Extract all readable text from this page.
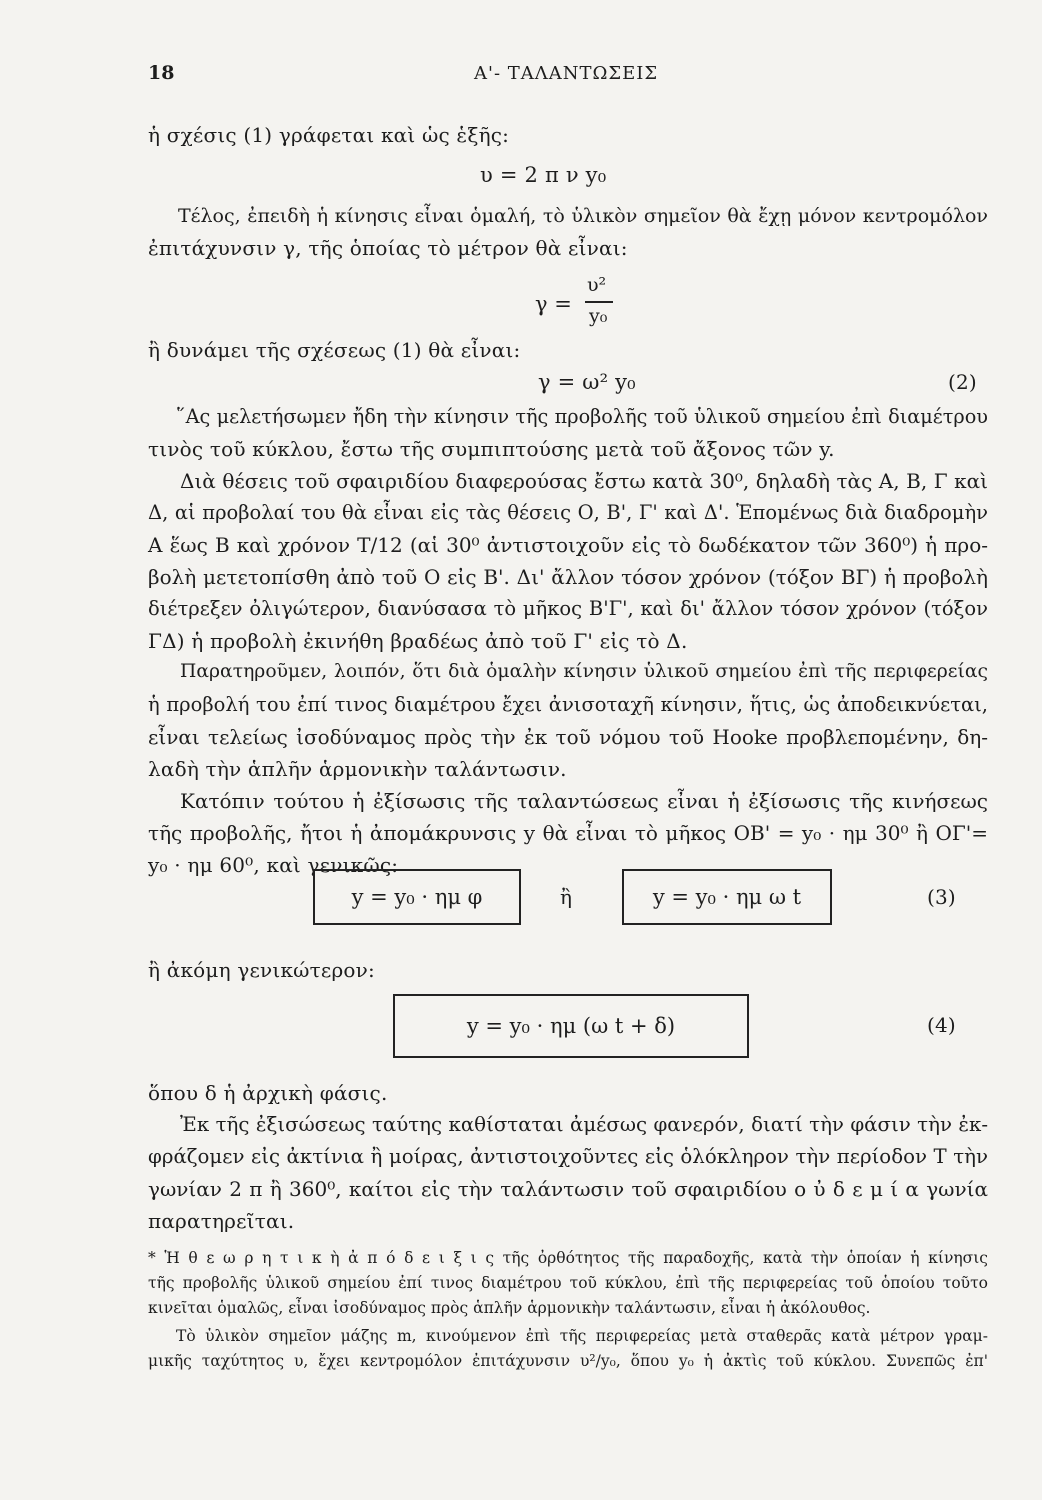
18	Α'- ΤΑΛΑΝΤΩΣΕΙΣ
ἡ σχέσις (1) γράφεται καὶ ὡς ἑξῆς:
υ = 2 π ν y₀
Τέλος, ἐπειδὴ ἡ κίνησις εἶναι ὁμαλή, τὸ ὑλικὸν σημεῖον θὰ ἔχῃ μόνον κεντρομόλον
ἐπιτάχυνσιν γ, τῆς ὁποίας τὸ μέτρον θὰ εἶναι:
γ =
υ²
y₀
ἢ δυνάμει τῆς σχέσεως (1) θὰ εἶναι:
γ = ω² y₀	(2)
῞Ας μελετήσωμεν ἤδη τὴν κίνησιν τῆς προβολῆς τοῦ ὑλικοῦ σημείου ἐπὶ διαμέτρου
τινὸς τοῦ κύκλου, ἔστω τῆς συμπιπτούσης μετὰ τοῦ ἄξονος τῶν y.
Διὰ θέσεις τοῦ σφαιριδίου διαφερούσας ἔστω κατὰ 30⁰, δηλαδὴ τὰς Α, Β, Γ καὶ
Δ, αἱ προβολαί του θὰ εἶναι εἰς τὰς θέσεις Ο, Β', Γ' καὶ Δ'. Ἑπομένως διὰ διαδρομὴν
Α ἕως Β καὶ χρόνον Τ/12 (αἱ 30⁰ ἀντιστοιχοῦν εἰς τὸ δωδέκατον τῶν 360⁰) ἡ προ-
βολὴ μετετοπίσθη ἀπὸ τοῦ Ο εἰς Β'. Δι' ἄλλον τόσον χρόνον (τόξον ΒΓ) ἡ προβολὴ
διέτρεξεν ὀλιγώτερον, διανύσασα τὸ μῆκος Β'Γ', καὶ δι' ἄλλον τόσον χρόνον (τόξον
ΓΔ) ἡ προβολὴ ἐκινήθη βραδέως ἀπὸ τοῦ Γ' εἰς τὸ Δ.
Παρατηροῦμεν, λοιπόν, ὅτι διὰ ὁμαλὴν κίνησιν ὑλικοῦ σημείου ἐπὶ τῆς περιφερείας
ἡ προβολή του ἐπί τινος διαμέτρου ἔχει ἀνισοταχῆ κίνησιν, ἥτις, ὡς ἀποδεικνύεται,
εἶναι τελείως ἰσοδύναμος πρὸς τὴν ἐκ τοῦ νόμου τοῦ Hooke προβλεπομένην, δη-
λαδὴ τὴν ἁπλῆν ἁρμονικὴν ταλάντωσιν.
Κατόπιν τούτου ἡ ἐξίσωσις τῆς ταλαντώσεως εἶναι ἡ ἐξίσωσις τῆς κινήσεως
τῆς προβολῆς, ἤτοι ἡ ἀπομάκρυνσις y θὰ εἶναι τὸ μῆκος ΟΒ' = y₀ · ημ 30⁰ ἢ ΟΓ'=
y₀ · ημ 60⁰, καὶ γενικῶς:
y = y₀ · ημ φ	ἢ	y = y₀ · ημ ω t	(3)
ἢ ἀκόμη γενικώτερον:
y = y₀ · ημ (ω t + δ)	(4)
ὅπου δ ἡ ἀρχικὴ φάσις.
Ἐκ τῆς ἐξισώσεως ταύτης καθίσταται ἀμέσως φανερόν, διατί τὴν φάσιν τὴν ἐκ-
φράζομεν εἰς ἀκτίνια ἢ μοίρας, ἀντιστοιχοῦντες εἰς ὁλόκληρον τὴν περίοδον Τ τὴν
γωνίαν 2 π ἢ 360⁰, καίτοι εἰς τὴν ταλάντωσιν τοῦ σφαιριδίου ο ὐ δ ε μ ί α γωνία
παρατηρεῖται.
* Ἡ θ ε ω ρ η τ ι κ ὴ ἀ π ό δ ε ι ξ ι ς τῆς ὀρθότητος τῆς παραδοχῆς, κατὰ τὴν ὁποίαν ἡ κίνησις
τῆς προβολῆς ὑλικοῦ σημείου ἐπί τινος διαμέτρου τοῦ κύκλου, ἐπὶ τῆς περιφερείας τοῦ ὁποίου τοῦτο
κινεῖται ὁμαλῶς, εἶναι ἰσοδύναμος πρὸς ἁπλῆν ἁρμονικὴν ταλάντωσιν, εἶναι ἡ ἀκόλουθος.
Τὸ ὑλικὸν σημεῖον μάζης m, κινούμενον ἐπὶ τῆς περιφερείας μετὰ σταθερᾶς κατὰ μέτρον γραμ-
μικῆς ταχύτητος υ, ἔχει κεντρομόλον ἐπιτάχυνσιν υ²/y₀, ὅπου y₀ ἡ ἀκτὶς τοῦ κύκλου. Συνεπῶς ἐπ'
